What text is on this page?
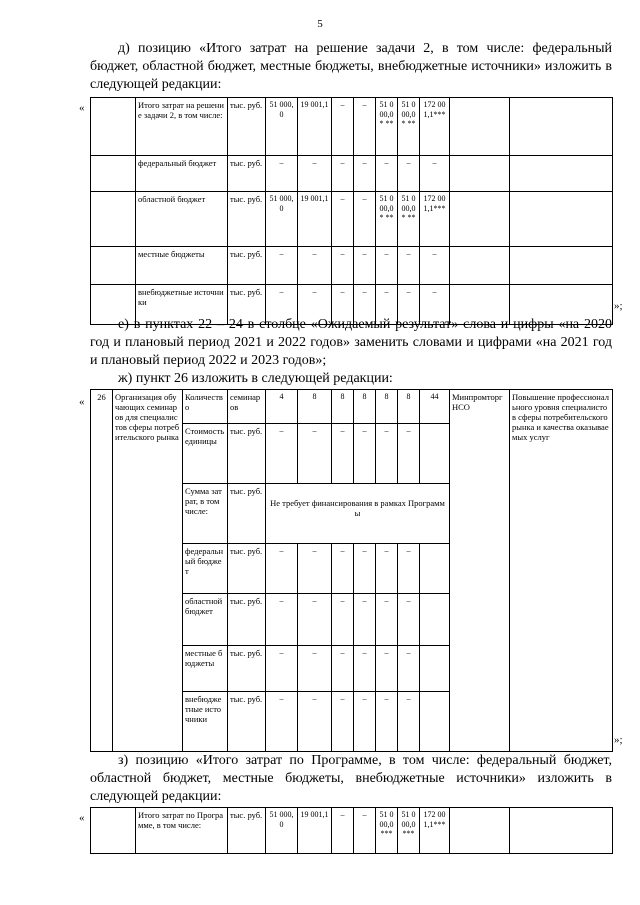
5

д) позицию «Итого затрат на решение задачи 2, в том числе: федеральный бюджет, областной бюджет, местные бюджеты, внебюджетные источники» изложить в следующей редакции:

«
		Итого затрат на решение задачи 2, в том числе:	тыс. руб.	51 000,0	19 001,1	–	–	51 000,0* **	51 000,0* **	172 001,1***		
	федеральный бюджет	тыс. руб.	–	–	–	–	–	–	–		
	областной бюджет	тыс. руб.	51 000,0	19 001,1	–	–	51 000,0* **	51 000,0* **	172 001,1***		
	местные бюджеты	тыс. руб.	–	–	–	–	–	–	–		
	внебюджетные источники	тыс. руб.	–	–	–	–	–	–	–		
»;

е) в пунктах 22 – 24 в столбце «Ожидаемый результат» слова и цифры «на 2020 год и плановый период 2021 и 2022 годов» заменить словами и цифрами «на 2021 год и плановый период 2022 и 2023 годов»;

ж) пункт 26 изложить в следующей редакции:

« 26	Организация обучающих семинаров для специалистов сферы потребительского рынка	Количество	семинаров	4	8	8	8	8	8	44	Минпромторг НСО	Повышение профессионального уровня специалистов сферы потребительского рынка и качества оказываемых услуг
		Стоимость единицы	тыс. руб.	–	–	–	–	–	–			
		Сумма затрат, в том числе:	тыс. руб.	Не требует финансирования в рамках Программы								
		федеральный бюджет	тыс. руб.	–	–	–	–	–	–			
		областной бюджет	тыс. руб.	–	–	–	–	–	–			
		местные бюджеты	тыс. руб.	–	–	–	–	–	–			
		внебюджетные источники	тыс. руб.	–	–	–	–	–	–			
»;

з) позицию «Итого затрат по Программе, в том числе: федеральный бюджет, областной бюджет, местные бюджеты, внебюджетные источники» изложить в следующей редакции:

«
		Итого затрат по Программе, в том числе:	тыс. руб.	51 000,0	19 001,1	–	–	51 000,0***	51 000,0***	172 001,1***		
